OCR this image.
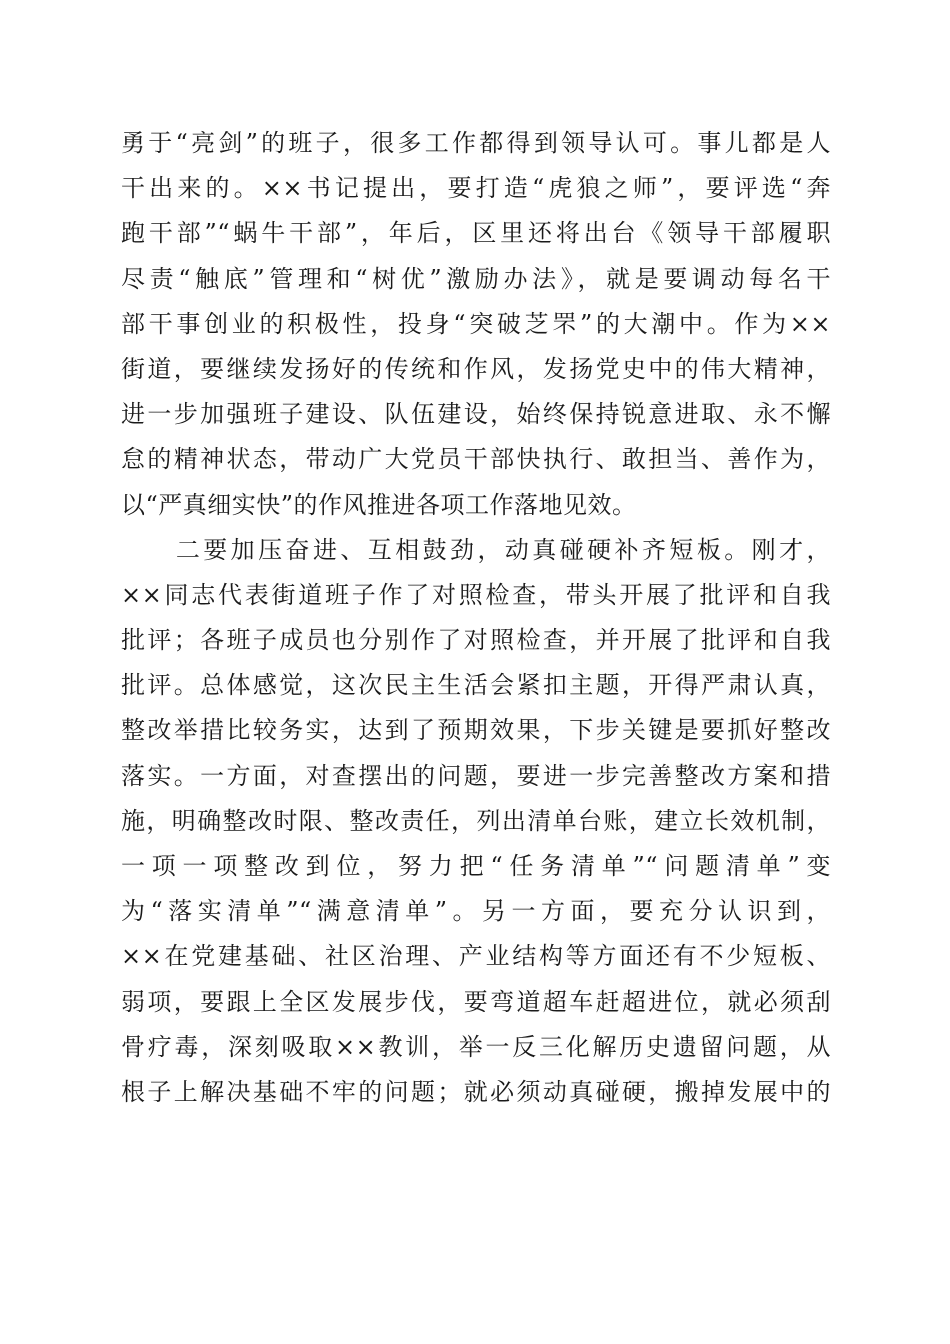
勇于“亮剑”的班子，很多工作都得到领导认可。事儿都是人
干出来的。××书记提出，要打造“虎狼之师”，要评选“奔
跑干部”“蜗牛干部”，年后，区里还将出台《领导干部履职
尽责“触底”管理和“树优”激励办法》，就是要调动每名干
部干事创业的积极性，投身“突破芝罘”的大潮中。作为××
街道，要继续发扬好的传统和作风，发扬党史中的伟大精神，
进一步加强班子建设、队伍建设，始终保持锐意进取、永不懈
怠的精神状态，带动广大党员干部快执行、敢担当、善作为，
以“严真细实快”的作风推进各项工作落地见效。
　　二要加压奋进、互相鼓劲，动真碰硬补齐短板。刚才，
××同志代表街道班子作了对照检查，带头开展了批评和自我
批评；各班子成员也分别作了对照检查，并开展了批评和自我
批评。总体感觉，这次民主生活会紧扣主题，开得严肃认真，
整改举措比较务实，达到了预期效果，下步关键是要抓好整改
落实。一方面，对查摆出的问题，要进一步完善整改方案和措
施，明确整改时限、整改责任，列出清单台账，建立长效机制，
一项一项整改到位，努力把“任务清单”“问题清单”变
为“落实清单”“满意清单”。另一方面，要充分认识到，
××在党建基础、社区治理、产业结构等方面还有不少短板、
弱项，要跟上全区发展步伐，要弯道超车赶超进位，就必须刮
骨疗毒，深刻吸取××教训，举一反三化解历史遗留问题，从
根子上解决基础不牢的问题；就必须动真碰硬，搬掉发展中的
